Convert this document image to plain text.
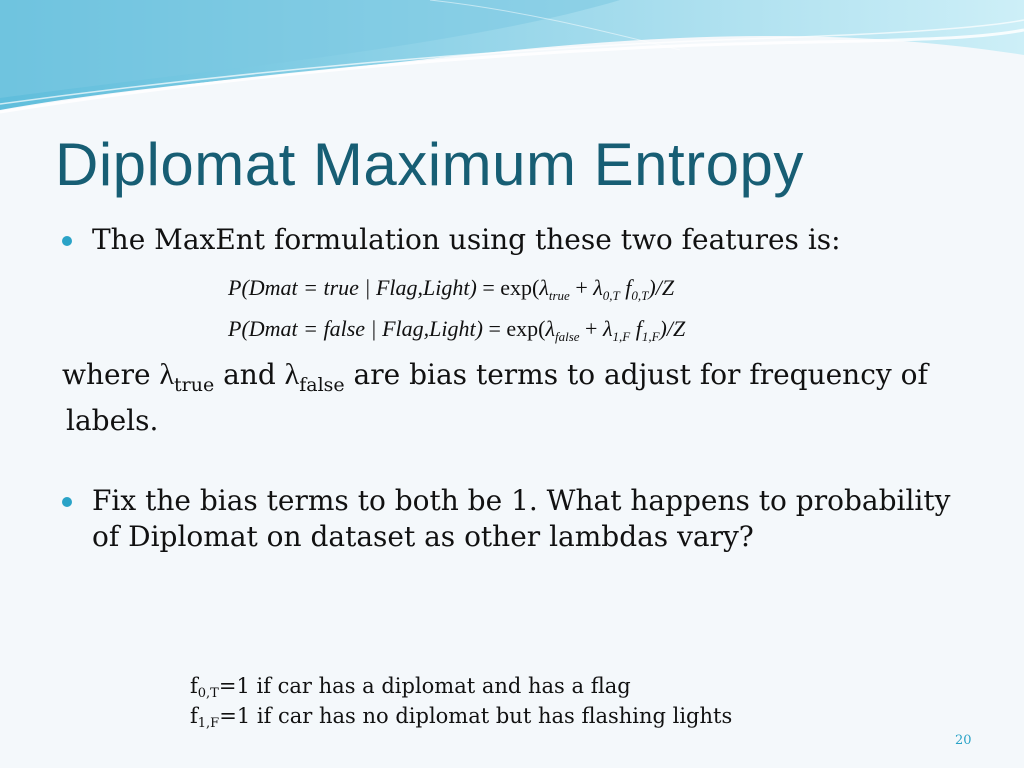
Diplomat Maximum Entropy
The MaxEnt formulation using these two features is:
P(Dmat = true | Flag,Light) = $\exp(\lambda_{true} + \lambda_{0,T}$ $f_{0,T})/Z$
P(Dmat = false | Flag,Light) = $\exp(\lambda_{false} + \lambda_{1,F}$ $f_{1,F})/Z$
where $\lambda_{true}$ and $\lambda_{false}$ are bias terms to adjust for frequency of
labels.
Fix the bias terms to both be 1. What happens to probability of Diplomat on dataset as other lambdas vary?
$f_{0,T}=1$ if car has a diplomat and has a flag
$f_{1,F}=1$ if car has no diplomat but has flashing lights
20
